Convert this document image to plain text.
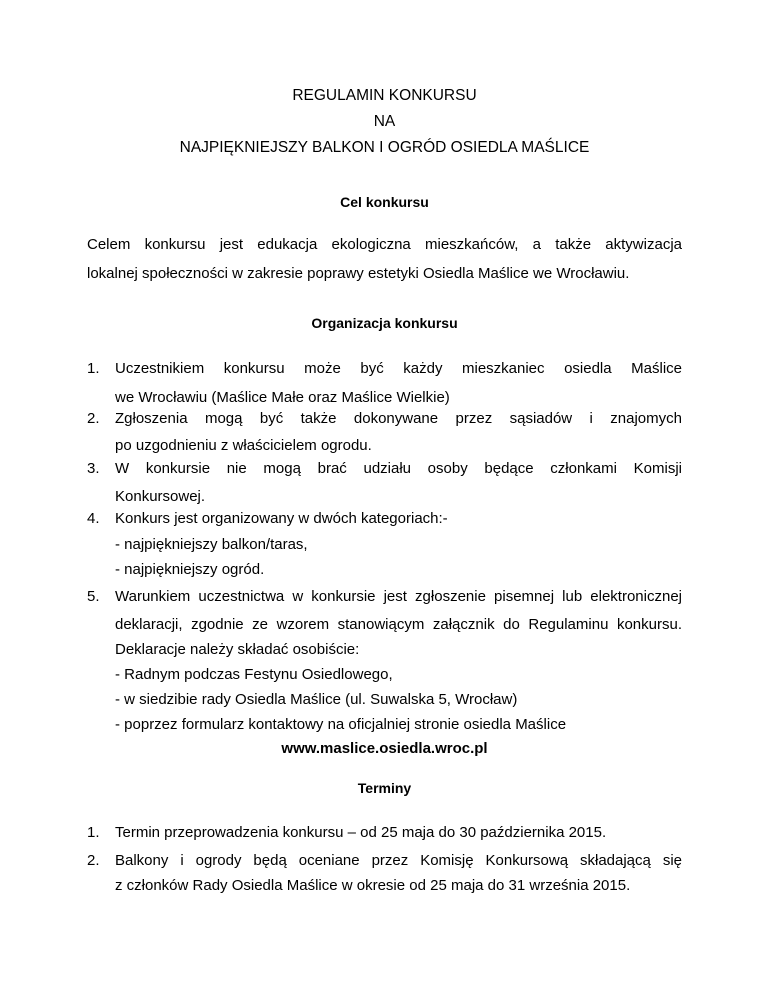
REGULAMIN KONKURSU
NA
NAJPIĘKNIEJSZY BALKON I OGRÓD OSIEDLA MAŚLICE
Cel konkursu
Celem konkursu jest edukacja ekologiczna mieszkańców, a także aktywizacja
lokalnej społeczności w zakresie poprawy estetyki Osiedla Maślice we Wrocławiu.
Organizacja konkursu
1. Uczestnikiem konkursu może być każdy mieszkaniec osiedla Maślice
we Wrocławiu (Maślice Małe oraz Maślice Wielkie)
2. Zgłoszenia mogą być także dokonywane przez sąsiadów i znajomych
po uzgodnieniu z właścicielem ogrodu.
3. W konkursie nie mogą brać udziału osoby będące członkami Komisji
Konkursowej.
4. Konkurs jest organizowany w dwóch kategoriach:-
- najpiękniejszy balkon/taras,
- najpiękniejszy ogród.
5. Warunkiem uczestnictwa w konkursie jest zgłoszenie pisemnej lub elektronicznej
deklaracji, zgodnie ze wzorem stanowiącym załącznik do Regulaminu konkursu.
Deklaracje należy składać osobiście:
- Radnym podczas Festynu Osiedlowego,
- w siedzibie rady Osiedla Maślice (ul. Suwalska 5, Wrocław)
- poprzez formularz kontaktowy na oficjalniej stronie osiedla Maślice
www.maslice.osiedla.wroc.pl
Terminy
1. Termin przeprowadzenia konkursu – od 25 maja do 30 października 2015.
2. Balkony i ogrody będą oceniane przez Komisję Konkursową składającą się
z członków Rady Osiedla Maślice w okresie od 25 maja do 31 września 2015.
